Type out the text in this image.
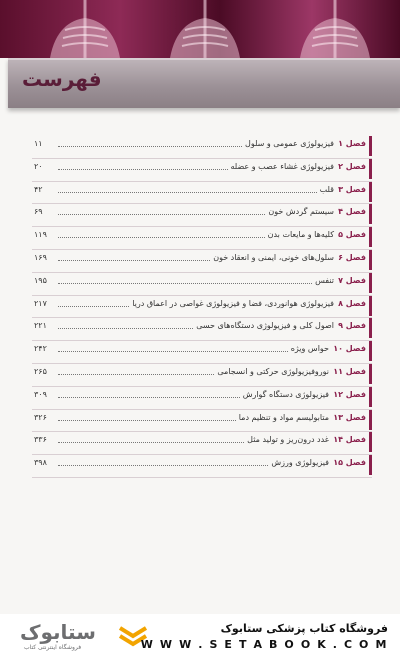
فهرست
فصل ۱
فیزیولوژی عمومی و سلول
۱۱
فصل ۲
فیزیولوژی غشاء عصب و عضله
۲۰
فصل ۳
قلب
۴۲
فصل ۴
سیستم گردش خون
۶۹
فصل ۵
کلیه‌ها و مایعات بدن
۱۱۹
فصل ۶
سلول‌های خونی، ایمنی و انعقاد خون
۱۶۹
فصل ۷
تنفس
۱۹۵
فصل ۸
فیزیولوژی هوانوردی، فضا و فیزیولوژی غواصی در اعماق دریا
۲۱۷
فصل ۹
اصول کلی و فیزیولوژی دستگاه‌های حسی
۲۲۱
فصل ۱۰
حواس ویژه
۲۴۲
فصل ۱۱
نوروفیزیولوژی حرکتی و انسجامی
۲۶۵
فصل ۱۲
فیزیولوژی دستگاه گوارش
۳۰۹
فصل ۱۳
متابولیسم مواد و تنظیم دما
۳۲۶
فصل ۱۴
غدد درون‌ریز و تولید مثل
۳۳۶
فصل ۱۵
فیزیولوژی ورزش
۳۹۸
ستابوک
فروشگاه اینترنتی کتاب
فروشگاه کتاب پزشکی ستابوک
W W W . S E T A B O O K . C O M
